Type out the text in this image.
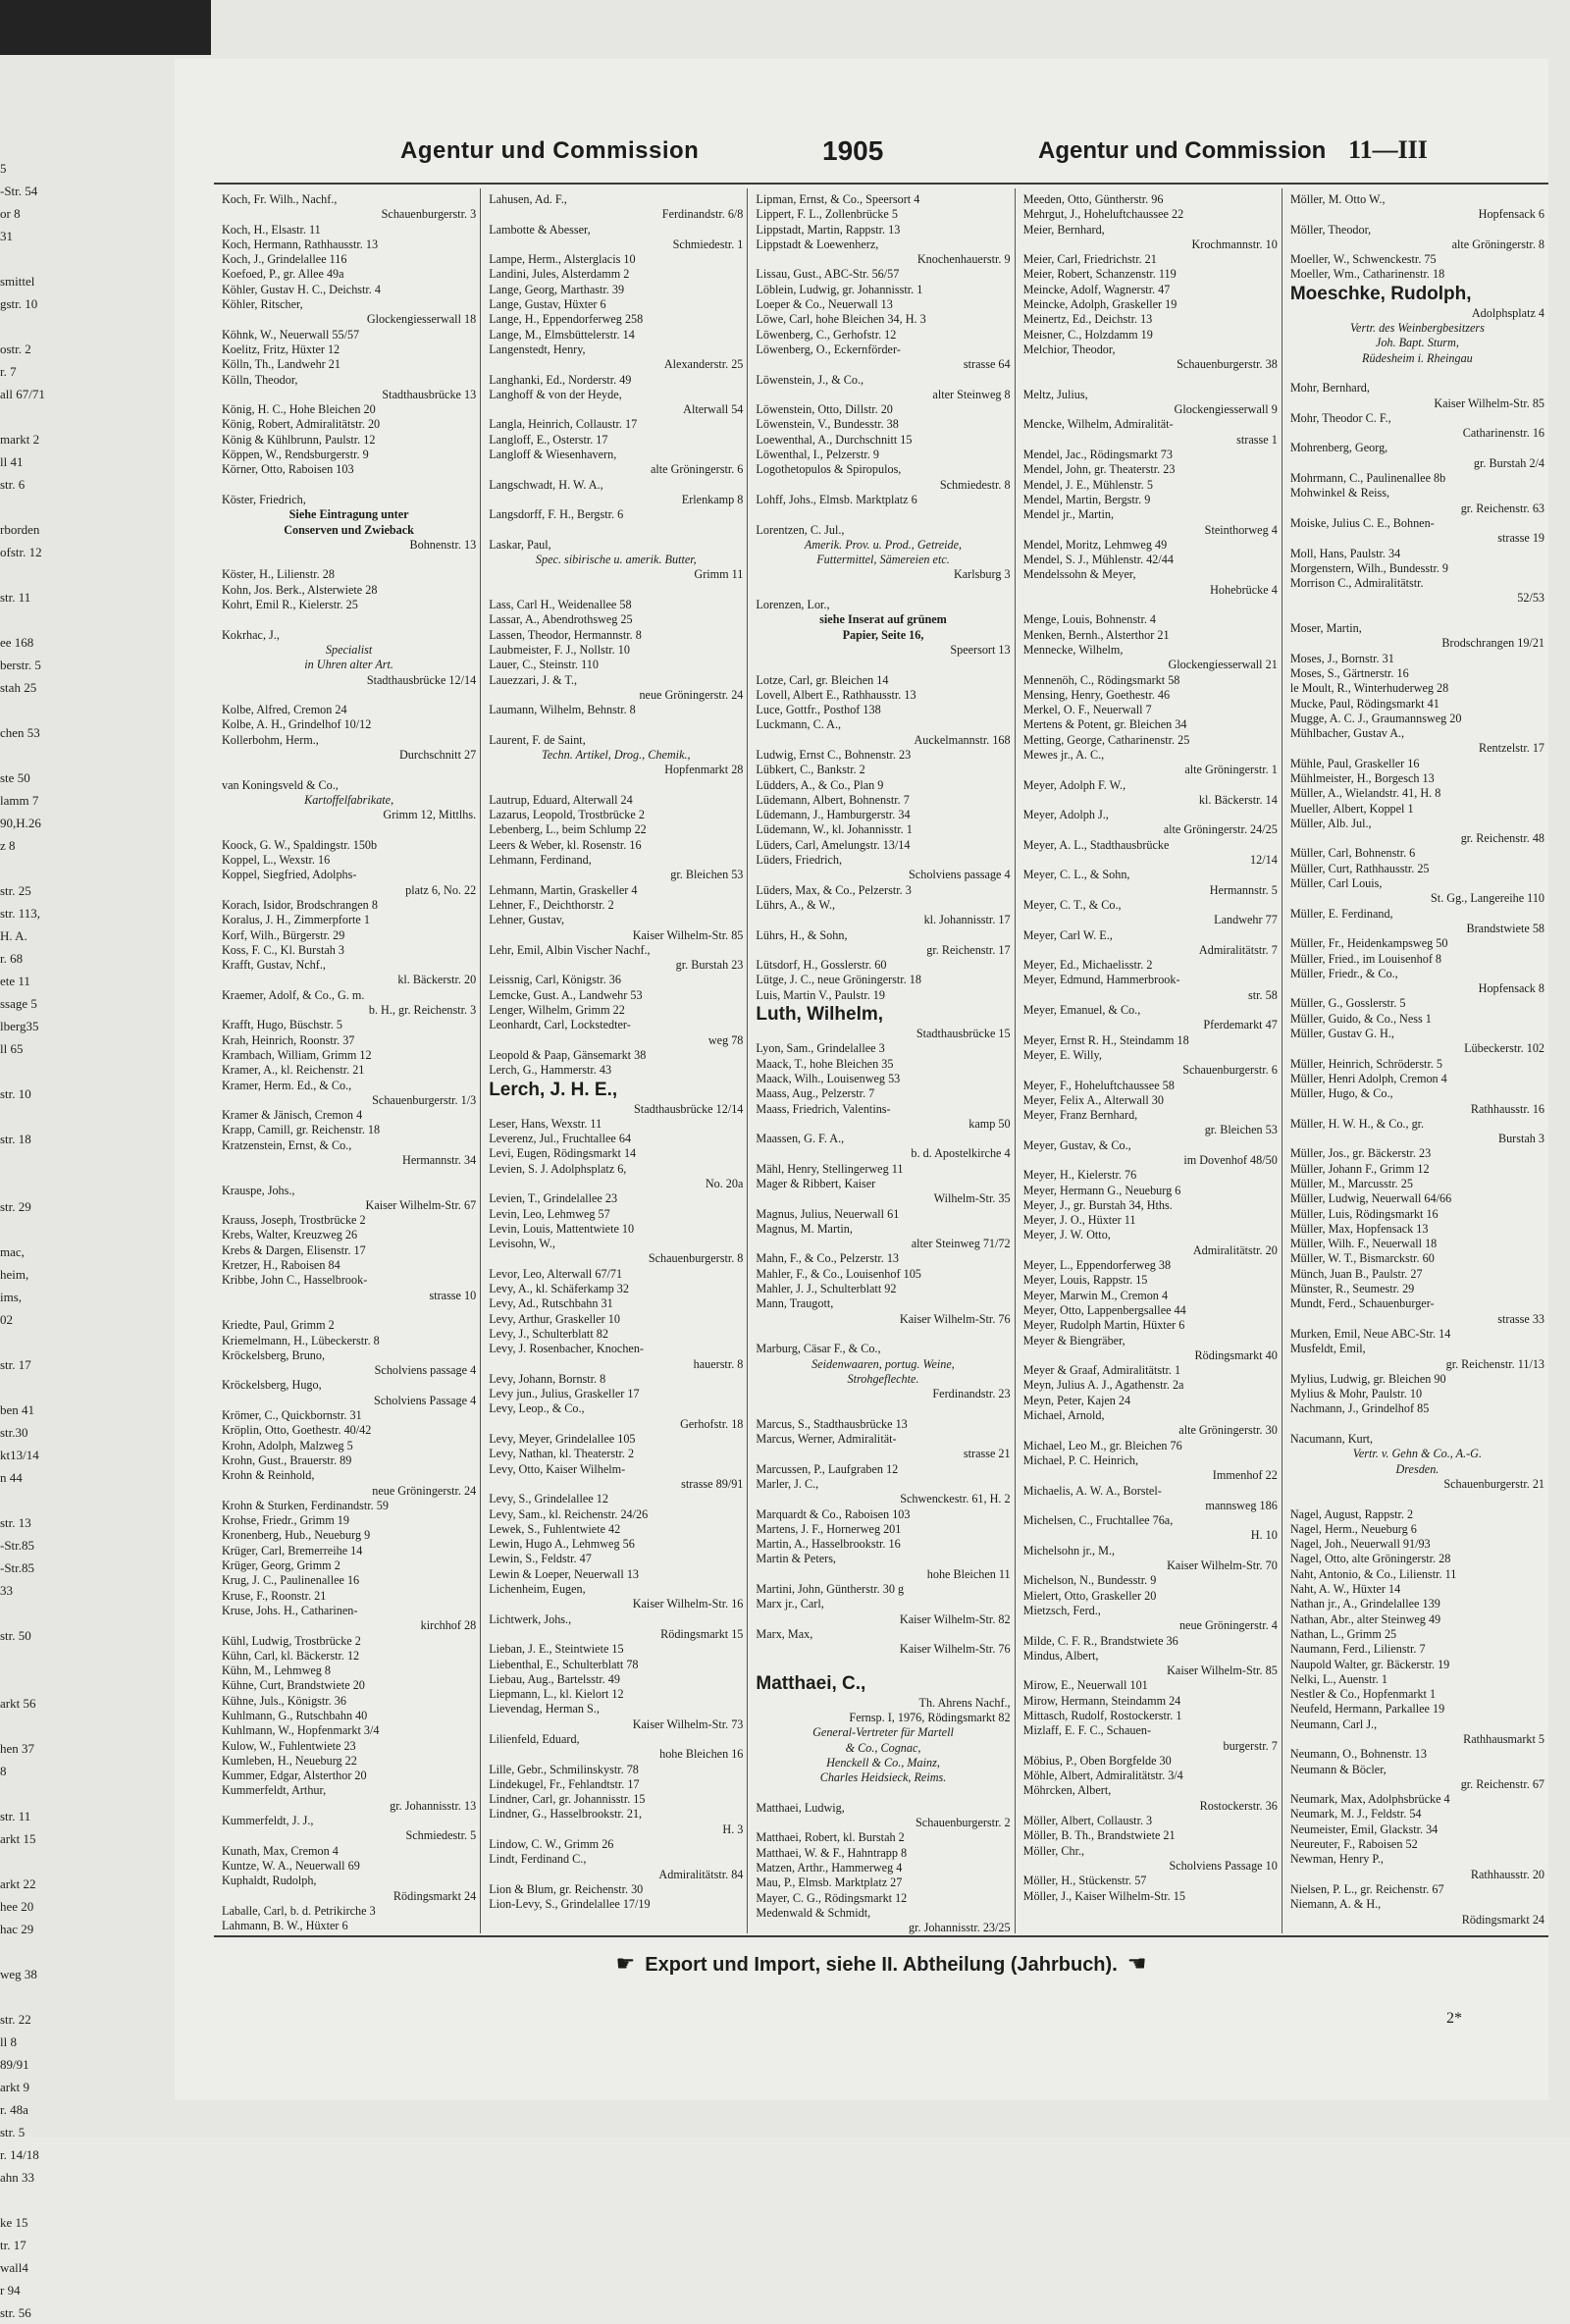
5
-Str. 54
or 8
31

smittel
gstr. 10

ostr. 2
r. 7
all 67/71

markt 2
ll 41
str. 6

rborden
ofstr. 12

str. 11

ee 168
berstr. 5
stah 25

chen 53

ste 50
lamm 7
90,H.26
z 8

str. 25
str. 113,
H. A.
r. 68
ete 11
ssage 5
lberg35
ll 65

str. 10

str. 18

str. 29

mac,
heim,
ims,
02

str. 17

ben 41
str.30
kt13/14
n 44

str. 13
-Str.85
-Str.85
33

str. 50

arkt 56

hen 37
8

str. 11
arkt 15

arkt 22
hee 20
hac 29

weg 38

str. 22
ll 8
89/91
arkt 9
r. 48a
str. 5
r. 14/18
ahn 33

ke 15
tr. 17
wall4
r 94
str. 56
Agentur und Commission	1905	Agentur und Commission 11—III
Koch, Fr. Wilh., Nachf.,
Schauenburgerstr. 3
Koch, H., Elsastr. 11
Koch, Hermann, Rathhausstr. 13
Koch, J., Grindelallee 116
Koefoed, P., gr. Allee 49a
Köhler, Gustav H. C., Deichstr. 4
Köhler, Ritscher,
Glockengiesserwall 18
Köhnk, W., Neuerwall 55/57
Koelitz, Fritz, Hüxter 12
Kölln, Th., Landwehr 21
Kölln, Theodor,
Stadthausbrücke 13
König, H. C., Hohe Bleichen 20
König, Robert, Admiralitätstr. 20
König & Kühlbrunn, Paulstr. 12
Köppen, W., Rendsburgerstr. 9
Körner, Otto, Raboisen 103

Köster, Friedrich,
Siehe Eintragung unter
Conserven und Zwieback
Bohnenstr. 13

Köster, H., Lilienstr. 28
Kohn, Jos. Berk., Alsterwiete 28
Kohrt, Emil R., Kielerstr. 25

Kokrhac, J.,
Specialist
in Uhren alter Art.
Stadthausbrücke 12/14

Kolbe, Alfred, Cremon 24
Kolbe, A. H., Grindelhof 10/12
Kollerbohm, Herm.,
Durchschnitt 27

van Koningsveld & Co.,
Kartoffelfabrikate,
Grimm 12, Mittlhs.

Koock, G. W., Spaldingstr. 150b
Koppel, L., Wexstr. 16
Koppel, Siegfried, Adolphs-
platz 6, No. 22
Korach, Isidor, Brodschrangen 8
Koralus, J. H., Zimmerpforte 1
Korf, Wilh., Bürgerstr. 29
Koss, F. C., Kl. Burstah 3
Krafft, Gustav, Nchf.,
kl. Bäckerstr. 20
Kraemer, Adolf, & Co., G. m.
b. H., gr. Reichenstr. 3
Krafft, Hugo, Büschstr. 5
Krah, Heinrich, Roonstr. 37
Krambach, William, Grimm 12
Kramer, A., kl. Reichenstr. 21
Kramer, Herm. Ed., & Co.,
Schauenburgerstr. 1/3
Kramer & Jänisch, Cremon 4
Krapp, Camill, gr. Reichenstr. 18
Kratzenstein, Ernst, & Co.,
Hermannstr. 34

Krauspe, Johs.,
Kaiser Wilhelm-Str. 67
Krauss, Joseph, Trostbrücke 2
Krebs, Walter, Kreuzweg 26
Krebs & Dargen, Elisenstr. 17
Kretzer, H., Raboisen 84
Kribbe, John C., Hasselbrook-
strasse 10

Kriedte, Paul, Grimm 2
Kriemelmann, H., Lübeckerstr. 8
Kröckelsberg, Bruno,
Scholviens passage 4
Kröckelsberg, Hugo,
Scholviens Passage 4
Krömer, C., Quickbornstr. 31
Kröplin, Otto, Goethestr. 40/42
Krohn, Adolph, Malzweg 5
Krohn, Gust., Brauerstr. 89
Krohn & Reinhold,
neue Gröningerstr. 24
Krohn & Sturken, Ferdinandstr. 59
Krohse, Friedr., Grimm 19
Kronenberg, Hub., Neueburg 9
Krüger, Carl, Bremerreihe 14
Krüger, Georg, Grimm 2
Krug, J. C., Paulinenallee 16
Kruse, F., Roonstr. 21
Kruse, Johs. H., Catharinen-
kirchhof 28
Kühl, Ludwig, Trostbrücke 2
Kühn, Carl, kl. Bäckerstr. 12
Kühn, M., Lehmweg 8
Kühne, Curt, Brandstwiete 20
Kühne, Juls., Königstr. 36
Kuhlmann, G., Rutschbahn 40
Kuhlmann, W., Hopfenmarkt 3/4
Kulow, W., Fuhlentwiete 23
Kumleben, H., Neueburg 22
Kummer, Edgar, Alsterthor 20
Kummerfeldt, Arthur,
gr. Johannisstr. 13
Kummerfeldt, J. J.,
Schmiedestr. 5
Kunath, Max, Cremon 4
Kuntze, W. A., Neuerwall 69
Kuphaldt, Rudolph,
Rödingsmarkt 24
Laballe, Carl, b. d. Petrikirche 3
Lahmann, B. W., Hüxter 6
Lahusen, Ad. F.,
Ferdinandstr. 6/8
Lambotte & Abesser,
Schmiedestr. 1
Lampe, Herm., Alsterglacis 10
Landini, Jules, Alsterdamm 2
Lange, Georg, Marthastr. 39
Lange, Gustav, Hüxter 6
Lange, H., Eppendorferweg 258
Lange, M., Elmsbüttelerstr. 14
Langenstedt, Henry,
Alexanderstr. 25
Langhanki, Ed., Norderstr. 49
Langhoff & von der Heyde,
Alterwall 54
Langla, Heinrich, Collaustr. 17
Langloff, E., Osterstr. 17
Langloff & Wiesenhavern,
alte Gröningerstr. 6
Langschwadt, H. W. A.,
Erlenkamp 8
Langsdorff, F. H., Bergstr. 6

Laskar, Paul,
Spec. sibirische u. amerik. Butter,
Grimm 11

Lass, Carl H., Weidenallee 58
Lassar, A., Abendrothsweg 25
Lassen, Theodor, Hermannstr. 8
Laubmeister, F. J., Nollstr. 10
Lauer, C., Steinstr. 110
Lauezzari, J. & T.,
neue Gröningerstr. 24
Laumann, Wilhelm, Behnstr. 8

Laurent, F. de Saint,
Techn. Artikel, Drog., Chemik.,
Hopfenmarkt 28

Lautrup, Eduard, Alterwall 24
Lazarus, Leopold, Trostbrücke 2
Lebenberg, L., beim Schlump 22
Leers & Weber, kl. Rosenstr. 16
Lehmann, Ferdinand,
gr. Bleichen 53
Lehmann, Martin, Graskeller 4
Lehner, F., Deichthorstr. 2
Lehner, Gustav,
Kaiser Wilhelm-Str. 85
Lehr, Emil, Albin Vischer Nachf.,
gr. Burstah 23
Leissnig, Carl, Königstr. 36
Lemcke, Gust. A., Landwehr 53
Lenger, Wilhelm, Grimm 22
Leonhardt, Carl, Lockstedter-
weg 78
Leopold & Paap, Gänsemarkt 38
Lerch, G., Hammerstr. 43
Lerch, J. H. E.,
Stadthausbrücke 12/14
Leser, Hans, Wexstr. 11
Leverenz, Jul., Fruchtallee 64
Levi, Eugen, Rödingsmarkt 14
Levien, S. J. Adolphsplatz 6,
No. 20a
Levien, T., Grindelallee 23
Levin, Leo, Lehmweg 57
Levin, Louis, Mattentwiete 10
Levisohn, W.,
Schauenburgerstr. 8
Levor, Leo, Alterwall 67/71
Levy, A., kl. Schäferkamp 32
Levy, Ad., Rutschbahn 31
Levy, Arthur, Graskeller 10
Levy, J., Schulterblatt 82
Levy, J. Rosenbacher, Knochen-
hauerstr. 8
Levy, Johann, Bornstr. 8
Levy jun., Julius, Graskeller 17
Levy, Leop., & Co.,
Gerhofstr. 18
Levy, Meyer, Grindelallee 105
Levy, Nathan, kl. Theaterstr. 2
Levy, Otto, Kaiser Wilhelm-
strasse 89/91
Levy, S., Grindelallee 12
Levy, Sam., kl. Reichenstr. 24/26
Lewek, S., Fuhlentwiete 42
Lewin, Hugo A., Lehmweg 56
Lewin, S., Feldstr. 47
Lewin & Loeper, Neuerwall 13
Lichenheim, Eugen,
Kaiser Wilhelm-Str. 16
Lichtwerk, Johs.,
Rödingsmarkt 15
Lieban, J. E., Steintwiete 15
Liebenthal, E., Schulterblatt 78
Liebau, Aug., Bartelsstr. 49
Liepmann, L., kl. Kielort 12
Lievendag, Herman S.,
Kaiser Wilhelm-Str. 73
Lilienfeld, Eduard,
hohe Bleichen 16
Lille, Gebr., Schmilinskystr. 78
Lindekugel, Fr., Fehlandtstr. 17
Lindner, Carl, gr. Johannisstr. 15
Lindner, G., Hasselbrookstr. 21,
H. 3
Lindow, C. W., Grimm 26
Lindt, Ferdinand C.,
Admiralitätstr. 84
Lion & Blum, gr. Reichenstr. 30
Lion-Levy, S., Grindelallee 17/19
Lipman, Ernst, & Co., Speersort 4
Lippert, F. L., Zollenbrücke 5
Lippstadt, Martin, Rappstr. 13
Lippstadt & Loewenherz,
Knochenhauerstr. 9
Lissau, Gust., ABC-Str. 56/57
Löblein, Ludwig, gr. Johannisstr. 1
Loeper & Co., Neuerwall 13
Löwe, Carl, hohe Bleichen 34, H. 3
Löwenberg, C., Gerhofstr. 12
Löwenberg, O., Eckernförder-
strasse 64
Löwenstein, J., & Co.,
alter Steinweg 8
Löwenstein, Otto, Dillstr. 20
Löwenstein, V., Bundesstr. 38
Loewenthal, A., Durchschnitt 15
Löwenthal, I., Pelzerstr. 9
Logothetopulos & Spiropulos,
Schmiedestr. 8
Lohff, Johs., Elmsb. Marktplatz 6

Lorentzen, C. Jul.,
Amerik. Prov. u. Prod., Getreide,
Futtermittel, Sämereien etc.
Karlsburg 3

Lorenzen, Lor.,
siehe Inserat auf grünem
Papier, Seite 16,
Speersort 13

Lotze, Carl, gr. Bleichen 14
Lovell, Albert E., Rathhausstr. 13
Luce, Gottfr., Posthof 138
Luckmann, C. A.,
Auckelmannstr. 168
Ludwig, Ernst C., Bohnenstr. 23
Lübkert, C., Bankstr. 2
Lüdders, A., & Co., Plan 9
Lüdemann, Albert, Bohnenstr. 7
Lüdemann, J., Hamburgerstr. 34
Lüdemann, W., kl. Johannisstr. 1
Lüders, Carl, Amelungstr. 13/14
Lüders, Friedrich,
Scholviens passage 4
Lüders, Max, & Co., Pelzerstr. 3
Lührs, A., & W.,
kl. Johannisstr. 17
Lührs, H., & Sohn,
gr. Reichenstr. 17
Lütsdorf, H., Gosslerstr. 60
Lütge, J. C., neue Gröningerstr. 18
Luis, Martin V., Paulstr. 19
Luth, Wilhelm,
Stadthausbrücke 15
Lyon, Sam., Grindelallee 3
Maack, T., hohe Bleichen 35
Maack, Wilh., Louisenweg 53
Maass, Aug., Pelzerstr. 7
Maass, Friedrich, Valentins-
kamp 50
Maassen, G. F. A.,
b. d. Apostelkirche 4
Mähl, Henry, Stellingerweg 11
Mager & Ribbert, Kaiser
Wilhelm-Str. 35
Magnus, Julius, Neuerwall 61
Magnus, M. Martin,
alter Steinweg 71/72
Mahn, F., & Co., Pelzerstr. 13
Mahler, F., & Co., Louisenhof 105
Mahler, J. J., Schulterblatt 92
Mann, Traugott,
Kaiser Wilhelm-Str. 76

Marburg, Cäsar F., & Co.,
Seidenwaaren, portug. Weine,
Strohgeflechte.
Ferdinandstr. 23

Marcus, S., Stadthausbrücke 13
Marcus, Werner, Admiralität-
strasse 21
Marcussen, P., Laufgraben 12
Marler, J. C.,
Schwenckestr. 61, H. 2
Marquardt & Co., Raboisen 103
Martens, J. F., Hornerweg 201
Martin, A., Hasselbrookstr. 16
Martin & Peters,
hohe Bleichen 11
Martini, John, Güntherstr. 30 g
Marx jr., Carl,
Kaiser Wilhelm-Str. 82
Marx, Max,
Kaiser Wilhelm-Str. 76

Matthaei, C.,
Th. Ahrens Nachf.,
Fernsp. I, 1976, Rödingsmarkt 82
General-Vertreter für Martell
& Co., Cognac,
Henckell & Co., Mainz,
Charles Heidsieck, Reims.

Matthaei, Ludwig,
Schauenburgerstr. 2
Matthaei, Robert, kl. Burstah 2
Matthaei, W. & F., Hahntrapp 8
Matzen, Arthr., Hammerweg 4
Mau, P., Elmsb. Marktplatz 27
Mayer, C. G., Rödingsmarkt 12
Medenwald & Schmidt,
gr. Johannisstr. 23/25
Meeden, Otto, Güntherstr. 96
Mehrgut, J., Hoheluftchaussee 22
Meier, Bernhard,
Krochmannstr. 10
Meier, Carl, Friedrichstr. 21
Meier, Robert, Schanzenstr. 119
Meincke, Adolf, Wagnerstr. 47
Meincke, Adolph, Graskeller 19
Meinertz, Ed., Deichstr. 13
Meisner, C., Holzdamm 19
Melchior, Theodor,
Schauenburgerstr. 38

Meltz, Julius,
Glockengiesserwall 9
Mencke, Wilhelm, Admiralität-
strasse 1
Mendel, Jac., Rödingsmarkt 73
Mendel, John, gr. Theaterstr. 23
Mendel, J. E., Mühlenstr. 5
Mendel, Martin, Bergstr. 9
Mendel jr., Martin,
Steinthorweg 4
Mendel, Moritz, Lehmweg 49
Mendel, S. J., Mühlenstr. 42/44
Mendelssohn & Meyer,
Hohebrücke 4

Menge, Louis, Bohnenstr. 4
Menken, Bernh., Alsterthor 21
Mennecke, Wilhelm,
Glockengiesserwall 21
Mennenöh, C., Rödingsmarkt 58
Mensing, Henry, Goethestr. 46
Merkel, O. F., Neuerwall 7
Mertens & Potent, gr. Bleichen 34
Metting, George, Catharinenstr. 25
Mewes jr., A. C.,
alte Gröningerstr. 1
Meyer, Adolph F. W.,
kl. Bäckerstr. 14
Meyer, Adolph J.,
alte Gröningerstr. 24/25
Meyer, A. L., Stadthausbrücke
12/14
Meyer, C. L., & Sohn,
Hermannstr. 5
Meyer, C. T., & Co.,
Landwehr 77
Meyer, Carl W. E.,
Admiralitätstr. 7
Meyer, Ed., Michaelisstr. 2
Meyer, Edmund, Hammerbrook-
str. 58
Meyer, Emanuel, & Co.,
Pferdemarkt 47
Meyer, Ernst R. H., Steindamm 18
Meyer, E. Willy,
Schauenburgerstr. 6
Meyer, F., Hoheluftchaussee 58
Meyer, Felix A., Alterwall 30
Meyer, Franz Bernhard,
gr. Bleichen 53
Meyer, Gustav, & Co.,
im Dovenhof 48/50
Meyer, H., Kielerstr. 76
Meyer, Hermann G., Neueburg 6
Meyer, J., gr. Burstah 34, Hths.
Meyer, J. O., Hüxter 11
Meyer, J. W. Otto,
Admiralitätstr. 20
Meyer, L., Eppendorferweg 38
Meyer, Louis, Rappstr. 15
Meyer, Marwin M., Cremon 4
Meyer, Otto, Lappenbergsallee 44
Meyer, Rudolph Martin, Hüxter 6
Meyer & Biengräber,
Rödingsmarkt 40
Meyer & Graaf, Admiralitätstr. 1
Meyn, Julius A. J., Agathenstr. 2a
Meyn, Peter, Kajen 24
Michael, Arnold,
alte Gröningerstr. 30
Michael, Leo M., gr. Bleichen 76
Michael, P. C. Heinrich,
Immenhof 22
Michaelis, A. W. A., Borstel-
mannsweg 186
Michelsen, C., Fruchtallee 76a,
H. 10
Michelsohn jr., M.,
Kaiser Wilhelm-Str. 70
Michelson, N., Bundesstr. 9
Mielert, Otto, Graskeller 20
Mietzsch, Ferd.,
neue Gröningerstr. 4
Milde, C. F. R., Brandstwiete 36
Mindus, Albert,
Kaiser Wilhelm-Str. 85
Mirow, E., Neuerwall 101
Mirow, Hermann, Steindamm 24
Mittasch, Rudolf, Rostockerstr. 1
Mizlaff, E. F. C., Schauen-
burgerstr. 7
Möbius, P., Oben Borgfelde 30
Möhle, Albert, Admiralitätstr. 3/4
Möhrcken, Albert,
Rostockerstr. 36
Möller, Albert, Collaustr. 3
Möller, B. Th., Brandstwiete 21
Möller, Chr.,
Scholviens Passage 10
Möller, H., Stückenstr. 57
Möller, J., Kaiser Wilhelm-Str. 15
Möller, M. Otto W.,
Hopfensack 6
Möller, Theodor,
alte Gröningerstr. 8
Moeller, W., Schwenckestr. 75
Moeller, Wm., Catharinenstr. 18
Moeschke, Rudolph,
Adolphsplatz 4
Vertr. des Weinbergbesitzers
Joh. Bapt. Sturm,
Rüdesheim i. Rheingau

Mohr, Bernhard,
Kaiser Wilhelm-Str. 85
Mohr, Theodor C. F.,
Catharinenstr. 16
Mohrenberg, Georg,
gr. Burstah 2/4
Mohrmann, C., Paulinenallee 8b
Mohwinkel & Reiss,
gr. Reichenstr. 63
Moiske, Julius C. E., Bohnen-
strasse 19
Moll, Hans, Paulstr. 34
Morgenstern, Wilh., Bundesstr. 9
Morrison C., Admiralitätstr.
52/53

Moser, Martin,
Brodschrangen 19/21
Moses, J., Bornstr. 31
Moses, S., Gärtnerstr. 16
le Moult, R., Winterhuderweg 28
Mucke, Paul, Rödingsmarkt 41
Mugge, A. C. J., Graumannsweg 20
Mühlbacher, Gustav A.,
Rentzelstr. 17
Mühle, Paul, Graskeller 16
Mühlmeister, H., Borgesch 13
Müller, A., Wielandstr. 41, H. 8
Mueller, Albert, Koppel 1
Müller, Alb. Jul.,
gr. Reichenstr. 48
Müller, Carl, Bohnenstr. 6
Müller, Curt, Rathhausstr. 25
Müller, Carl Louis,
St. Gg., Langereihe 110
Müller, E. Ferdinand,
Brandstwiete 58
Müller, Fr., Heidenkampsweg 50
Müller, Fried., im Louisenhof 8
Müller, Friedr., & Co.,
Hopfensack 8
Müller, G., Gosslerstr. 5
Müller, Guido, & Co., Ness 1
Müller, Gustav G. H.,
Lübeckerstr. 102
Müller, Heinrich, Schröderstr. 5
Müller, Henri Adolph, Cremon 4
Müller, Hugo, & Co.,
Rathhausstr. 16
Müller, H. W. H., & Co., gr.
Burstah 3
Müller, Jos., gr. Bäckerstr. 23
Müller, Johann F., Grimm 12
Müller, M., Marcusstr. 25
Müller, Ludwig, Neuerwall 64/66
Müller, Luis, Rödingsmarkt 16
Müller, Max, Hopfensack 13
Müller, Wilh. F., Neuerwall 18
Müller, W. T., Bismarckstr. 60
Münch, Juan B., Paulstr. 27
Münster, R., Seumestr. 29
Mundt, Ferd., Schauenburger-
strasse 33
Murken, Emil, Neue ABC-Str. 14
Musfeldt, Emil,
gr. Reichenstr. 11/13
Mylius, Ludwig, gr. Bleichen 90
Mylius & Mohr, Paulstr. 10
Nachmann, J., Grindelhof 85

Nacumann, Kurt,
Vertr. v. Gehn & Co., A.-G.
Dresden.
Schauenburgerstr. 21

Nagel, August, Rappstr. 2
Nagel, Herm., Neueburg 6
Nagel, Joh., Neuerwall 91/93
Nagel, Otto, alte Gröningerstr. 28
Naht, Antonio, & Co., Lilienstr. 11
Naht, A. W., Hüxter 14
Nathan jr., A., Grindelallee 139
Nathan, Abr., alter Steinweg 49
Nathan, L., Grimm 25
Naumann, Ferd., Lilienstr. 7
Naupold Walter, gr. Bäckerstr. 19
Nelki, L., Auenstr. 1
Nestler & Co., Hopfenmarkt 1
Neufeld, Hermann, Parkallee 19
Neumann, Carl J.,
Rathhausmarkt 5
Neumann, O., Bohnenstr. 13
Neumann & Böcler,
gr. Reichenstr. 67
Neumark, Max, Adolphsbrücke 4
Neumark, M. J., Feldstr. 54
Neumeister, Emil, Glackstr. 34
Neureuter, F., Raboisen 52
Newman, Henry P.,
Rathhausstr. 20
Nielsen, P. L., gr. Reichenstr. 67
Niemann, A. & H.,
Rödingsmarkt 24
☛ Export und Import, siehe II. Abtheilung (Jahrbuch). ☚
2*
